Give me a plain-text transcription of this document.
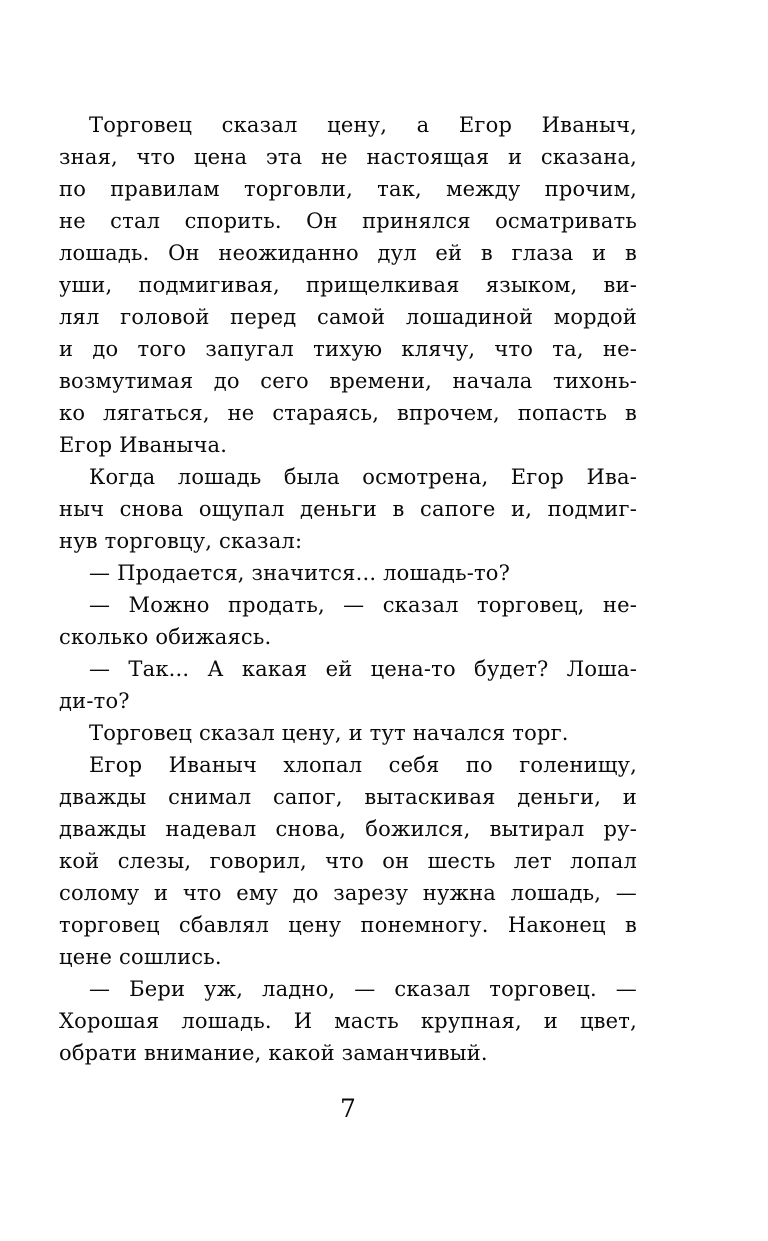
Торговец сказал цену, а Егор Иваныч,
зная, что цена эта не настоящая и сказана,
по правилам торговли, так, между прочим,
не стал спорить. Он принялся осматривать
лошадь. Он неожиданно дул ей в глаза и в
уши, подмигивая, прищелкивая языком, ви-
лял головой перед самой лошадиной мордой
и до того запугал тихую клячу, что та, не-
возмутимая до сего времени, начала тихонь-
ко лягаться, не стараясь, впрочем, попасть в
Егор Иваныча.
Когда лошадь была осмотрена, Егор Ива-
ныч снова ощупал деньги в сапоге и, подмиг-
нув торговцу, сказал:
— Продается, значится... лошадь-то?
— Можно продать, — сказал торговец, не-
сколько обижаясь.
— Так... А какая ей цена-то будет? Лоша-
ди-то?
Торговец сказал цену, и тут начался торг.
Егор Иваныч хлопал себя по голенищу,
дважды снимал сапог, вытаскивая деньги, и
дважды надевал снова, божился, вытирал ру-
кой слезы, говорил, что он шесть лет лопал
солому и что ему до зарезу нужна лошадь, —
торговец сбавлял цену понемногу. Наконец в
цене сошлись.
— Бери уж, ладно, — сказал торговец. —
Хорошая лошадь. И масть крупная, и цвет,
обрати внимание, какой заманчивый.
7
